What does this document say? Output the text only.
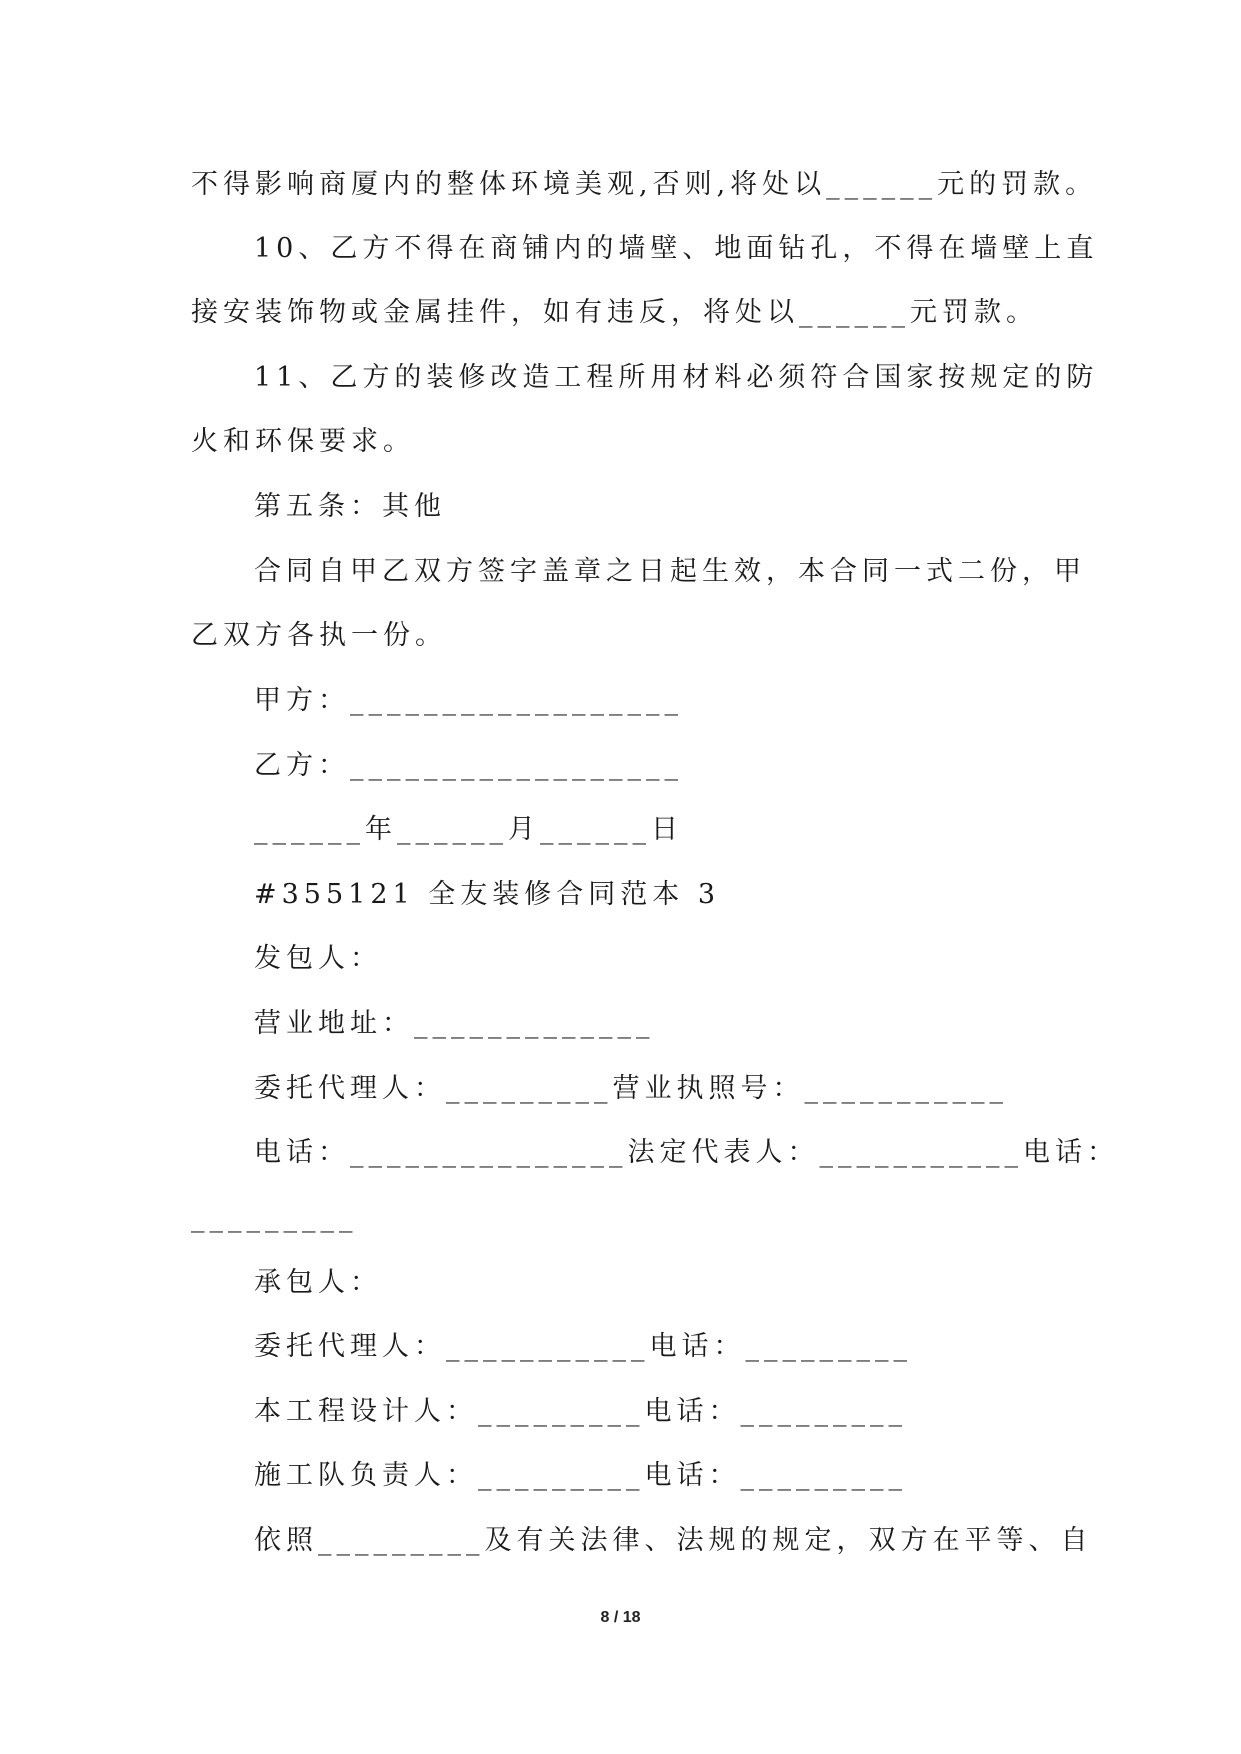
不得影响商厦内的整体环境美观,否则,将处以______元的罚款。
10、乙方不得在商铺内的墙壁、地面钻孔，不得在墙壁上直
接安装饰物或金属挂件，如有违反，将处以______元罚款。
11、乙方的装修改造工程所用材料必须符合国家按规定的防
火和环保要求。
第五条：其他
合同自甲乙双方签字盖章之日起生效，本合同一式二份，甲
乙双方各执一份。
甲方：__________________
乙方：__________________
______年______月______日
#355121 全友装修合同范本 3
发包人：
营业地址：_____________
委托代理人：_________营业执照号：___________
电话：_______________法定代表人：___________电话：
_________
承包人：
委托代理人：___________电话：_________
本工程设计人：_________电话：_________
施工队负责人：_________电话：_________
依照_________及有关法律、法规的规定，双方在平等、自
8 / 18
